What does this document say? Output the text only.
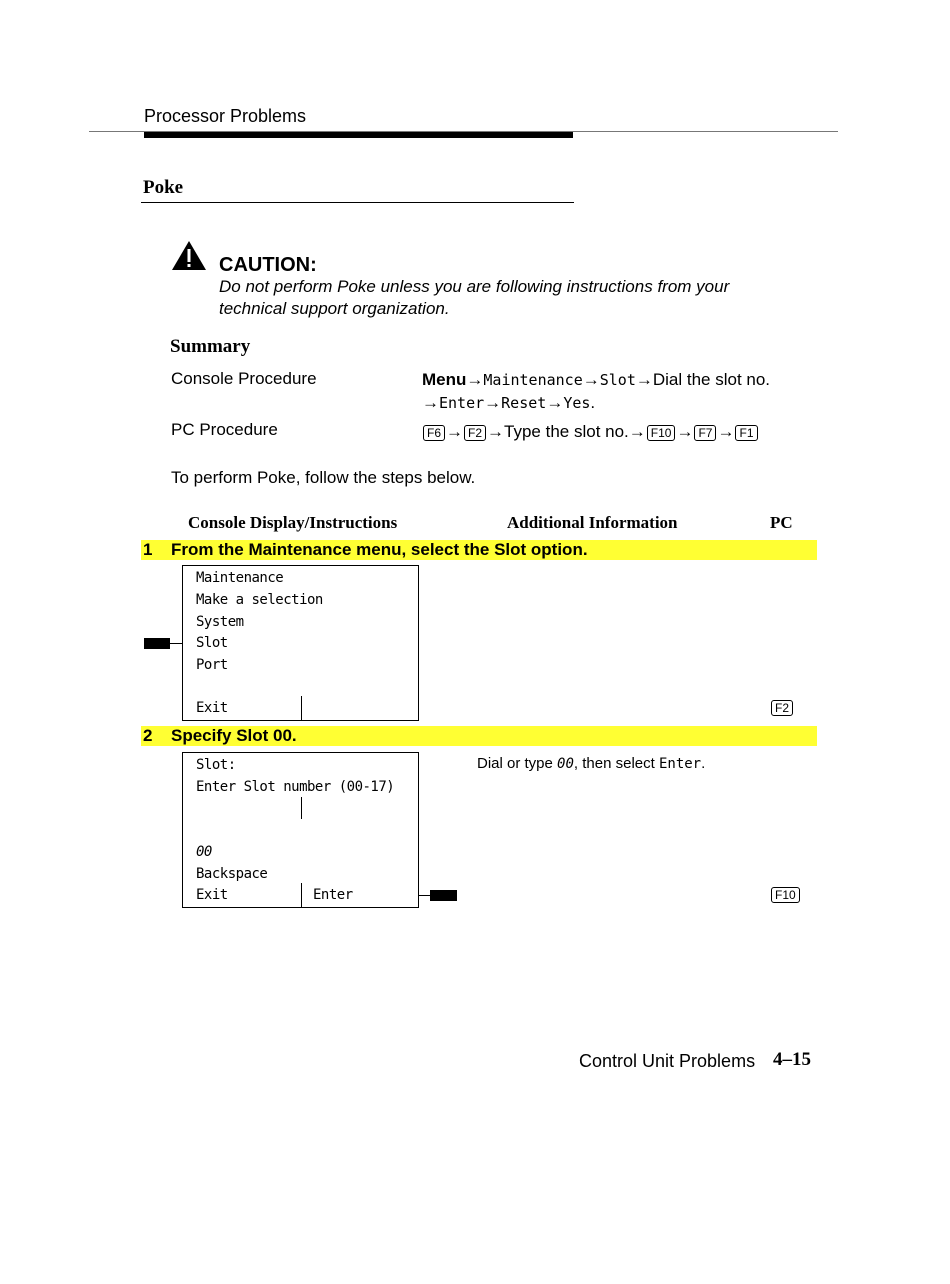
Processor Problems
Poke
CAUTION:
Do not perform Poke unless you are following instructions from your
technical support organization.
Summary
Console Procedure	Menu→Maintenance→Slot→Dial the slot no.
→Enter→Reset→Yes.
PC Procedure	F6 → F2 →Type the slot no.→ F10 → F7 → F1
To perform Poke, follow the steps below.
Console Display/Instructions	Additional Information	PC
1 From the Maintenance menu, select the Slot option.
Maintenance
Make a selection
System
Slot
Port
Exit	F2
2 Specify Slot 00.
Slot:
Enter Slot number (00-17)
00
Backspace
Exit	Enter
Dial or type 00, then select Enter.
F10
Control Unit Problems 4–15
